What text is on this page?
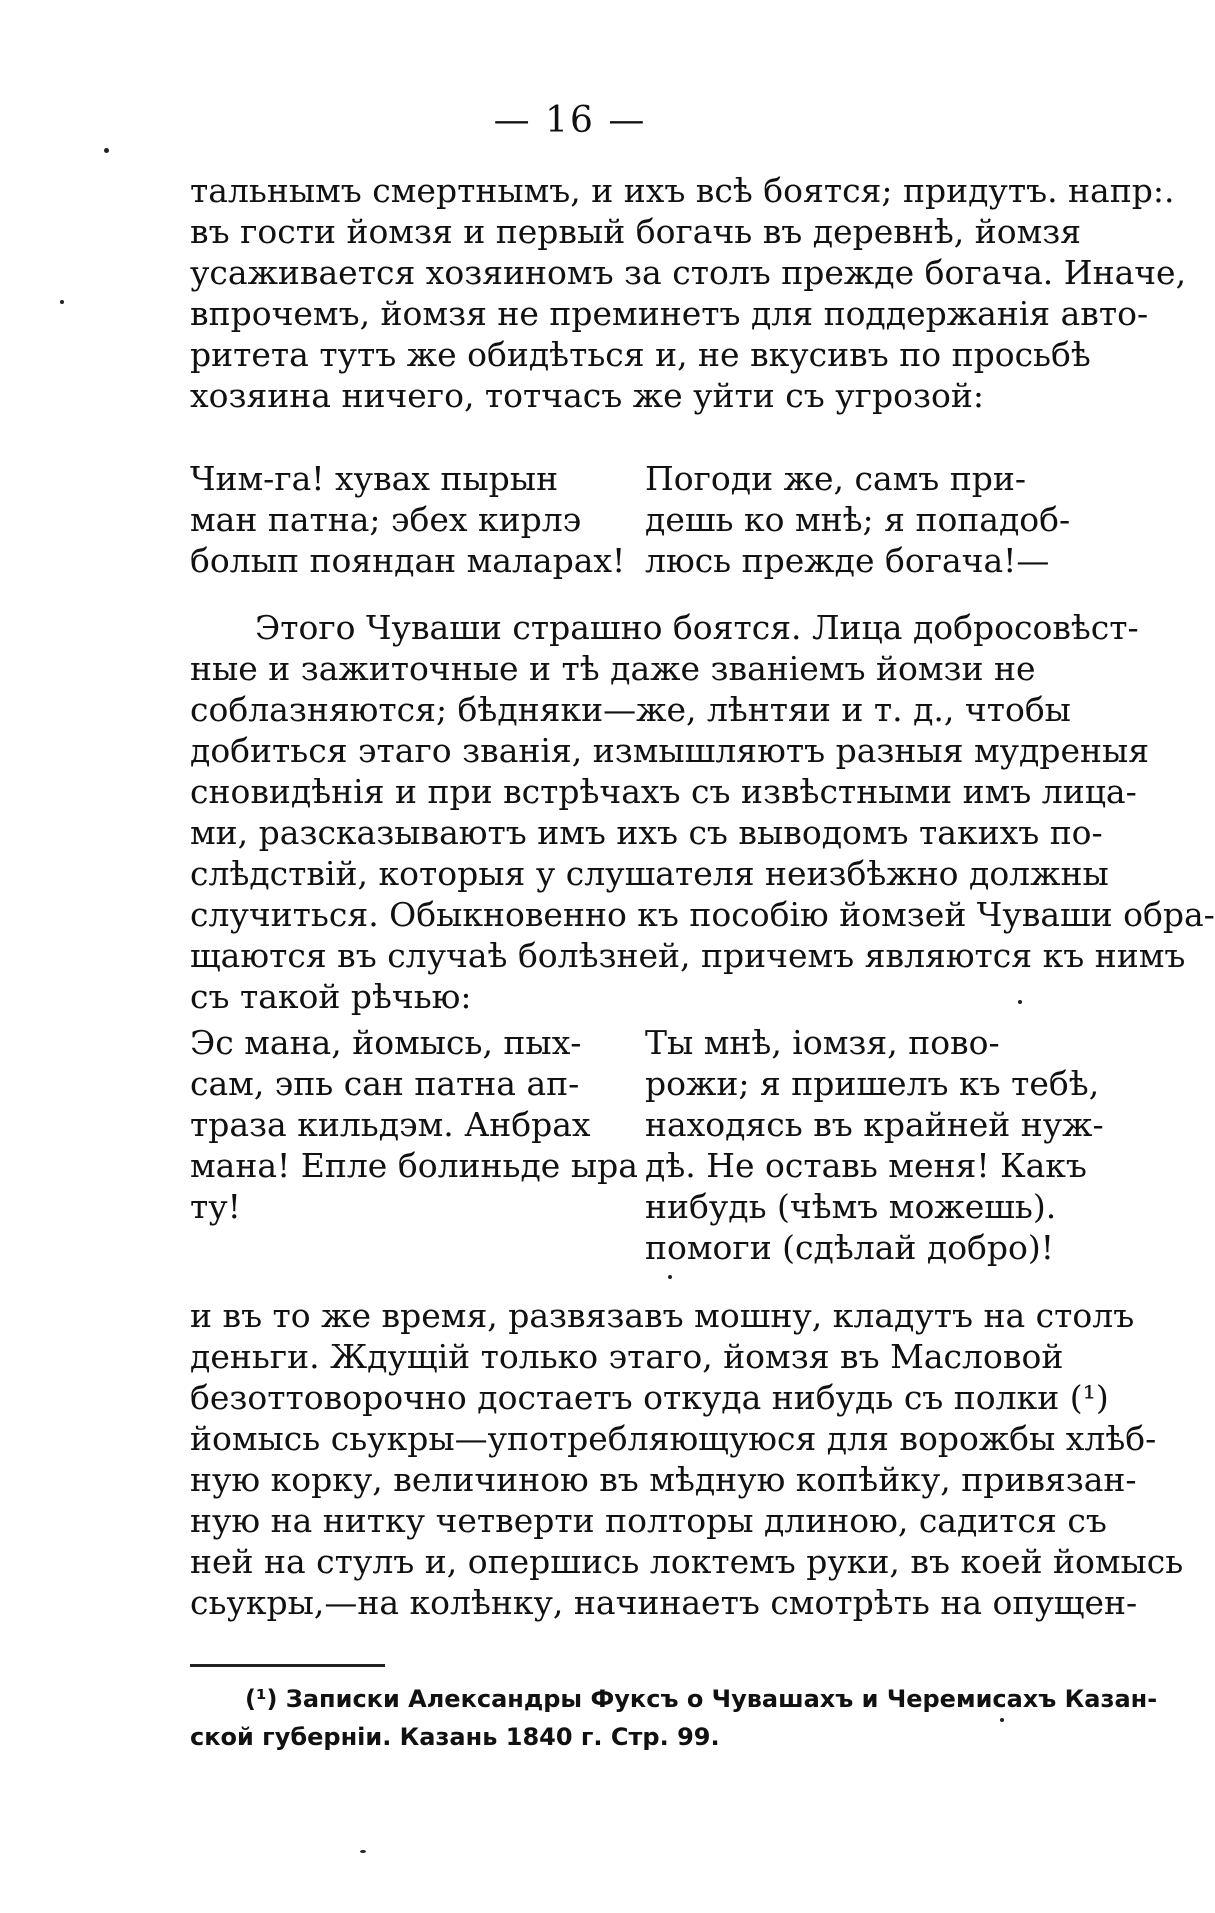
— 16 —
тальнымъ смертнымъ, и ихъ всѣ боятся; придутъ. напр:.
въ гости йомзя и первый богачь въ деревнѣ, йомзя
усаживается хозяиномъ за столъ прежде богача. Иначе,
впрочемъ, йомзя не преминетъ для поддержанія авто-
ритета тутъ же обидѣться и, не вкусивъ по просьбѣ
хозяина ничего, тотчасъ же уйти съ угрозой:
Чим-га! хувах пырын
ман патна; эбех кирлэ
болып пояндан маларах!
Погоди же, самъ при-
дешь ко мнѣ; я попадоб-
люсь прежде богача!—
Этого Чуваши страшно боятся. Лица добросовѣст-
ные и зажиточные и тѣ даже званіемъ йомзи не
соблазняются; бѣдняки—же, лѣнтяи и т. д., чтобы
добиться этаго званія, измышляютъ разныя мудреныя
сновидѣнія и при встрѣчахъ съ извѣстными имъ лица-
ми, разсказываютъ имъ ихъ съ выводомъ такихъ по-
слѣдствій, которыя у слушателя неизбѣжно должны
случиться. Обыкновенно къ пособію йомзей Чуваши обра-
щаются въ случаѣ болѣзней, причемъ являются къ нимъ
съ такой рѣчью:
Эс мана, йомысь, пых-
сам, эпь сан патна ап-
траза кильдэм. Анбрах
мана! Епле болиньде ыра
ту!
Ты мнѣ, іомзя, пово-
рожи; я пришелъ къ тебѣ,
находясь въ крайней нуж-
дѣ. Не оставь меня! Какъ
нибудь (чѣмъ можешь).
помоги (сдѣлай добро)!
и въ то же время, развязавъ мошну, кладутъ на столъ
деньги. Ждущій только этаго, йомзя въ Масловой
безоттоворочно достаетъ откуда нибудь съ полки (¹)
йомысь сьукры—употребляющуюся для ворожбы хлѣб-
ную корку, величиною въ мѣдную копѣйку, привязан-
ную на нитку четверти полторы длиною, садится съ
ней на стулъ и, опершись локтемъ руки, въ коей йомысь
сьукры,—на колѣнку, начинаетъ смотрѣть на опущен-
(¹) Записки Александры Фуксъ о Чувашахъ и Черемисахъ Казан-
ской губерніи. Казань 1840 г. Стр. 99.
